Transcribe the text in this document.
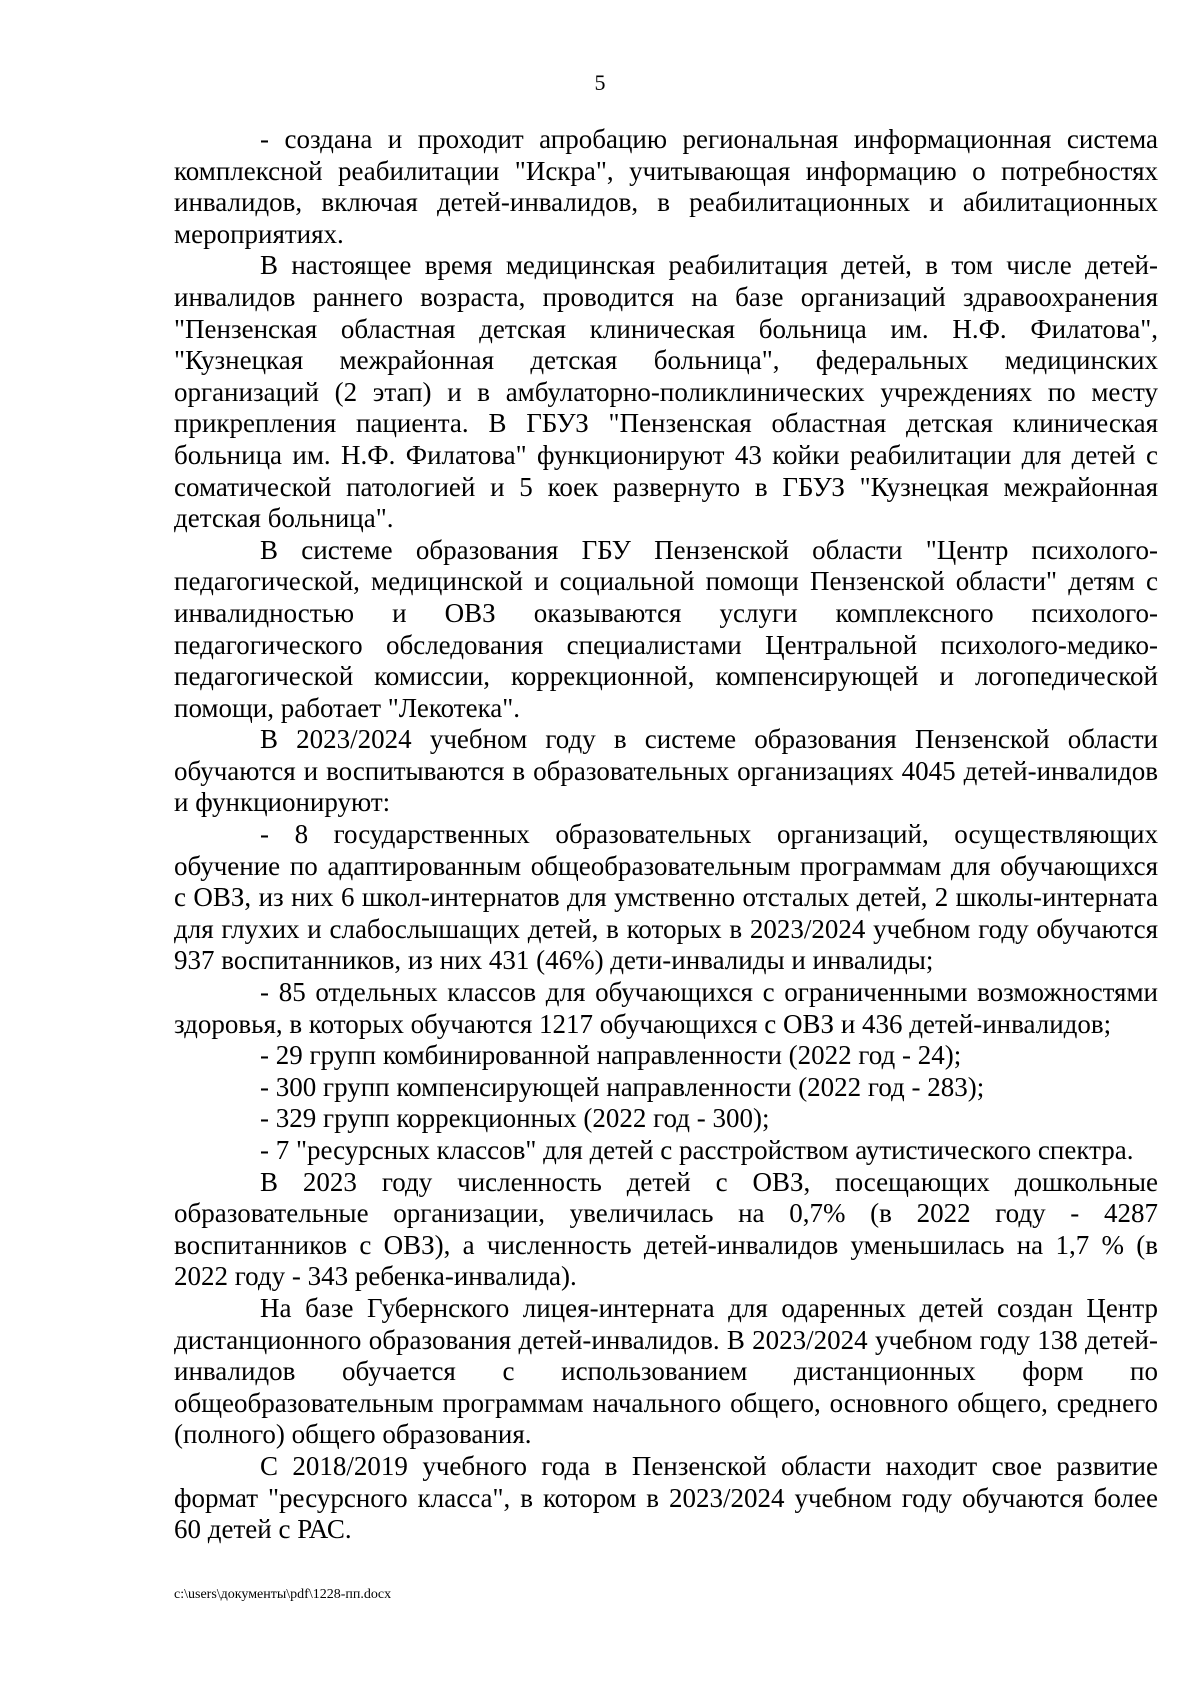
5

- создана и проходит апробацию региональная информационная система комплексной реабилитации "Искра", учитывающая информацию о потребностях инвалидов, включая детей-инвалидов, в реабилитационных и абилитационных мероприятиях.

В настоящее время медицинская реабилитация детей, в том числе детей-инвалидов раннего возраста, проводится на базе организаций здравоохранения "Пензенская областная детская клиническая больница им. Н.Ф. Филатова", "Кузнецкая межрайонная детская больница", федеральных медицинских организаций (2 этап) и в амбулаторно-поликлинических учреждениях по месту прикрепления пациента. В ГБУЗ "Пензенская областная детская клиническая больница им. Н.Ф. Филатова" функционируют 43 койки реабилитации для детей с соматической патологией и 5 коек развернуто в ГБУЗ "Кузнецкая межрайонная детская больница".

В системе образования ГБУ Пензенской области "Центр психолого-педагогической, медицинской и социальной помощи Пензенской области" детям с инвалидностью и ОВЗ оказываются услуги комплексного психолого-педагогического обследования специалистами Центральной психолого-медико-педагогической комиссии, коррекционной, компенсирующей и логопедической помощи, работает "Лекотека".

В 2023/2024 учебном году в системе образования Пензенской области обучаются и воспитываются в образовательных организациях 4045 детей-инвалидов и функционируют:

- 8 государственных образовательных организаций, осуществляющих обучение по адаптированным общеобразовательным программам для обучающихся с ОВЗ, из них 6 школ-интернатов для умственно отсталых детей, 2 школы-интерната для глухих и слабослышащих детей, в которых в 2023/2024 учебном году обучаются 937 воспитанников, из них 431 (46%) дети-инвалиды и инвалиды;

- 85 отдельных классов для обучающихся с ограниченными возможностями здоровья, в которых обучаются 1217 обучающихся с ОВЗ и 436 детей-инвалидов;

- 29 групп комбинированной направленности (2022 год - 24);

- 300 групп компенсирующей направленности (2022 год - 283);

- 329 групп коррекционных (2022 год - 300);

- 7 "ресурсных классов" для детей с расстройством аутистического спектра.

В 2023 году численность детей с ОВЗ, посещающих дошкольные образовательные организации, увеличилась на 0,7% (в 2022 году - 4287 воспитанников с ОВЗ), а численность детей-инвалидов уменьшилась на 1,7 % (в 2022 году - 343 ребенка-инвалида).

На базе Губернского лицея-интерната для одаренных детей создан Центр дистанционного образования детей-инвалидов. В 2023/2024 учебном году 138 детей-инвалидов обучается с использованием дистанционных форм по общеобразовательным программам начального общего, основного общего, среднего (полного) общего образования.

С 2018/2019 учебного года в Пензенской области находит свое развитие формат "ресурсного класса", в котором в 2023/2024 учебном году обучаются более 60 детей с РАС.

c:\users\документы\pdf\1228-пп.docx
